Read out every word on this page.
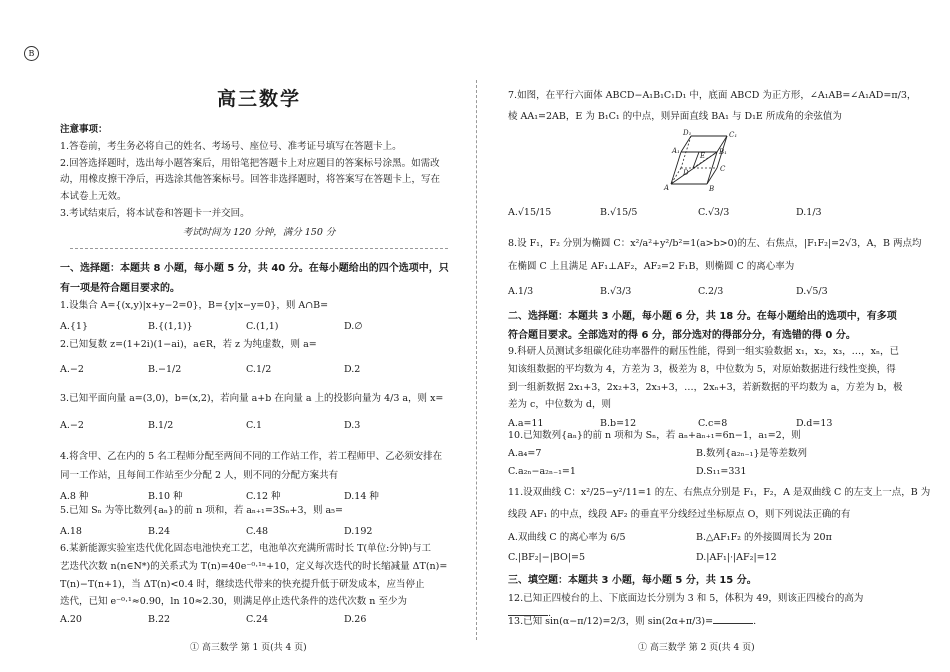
B
高三数学
注意事项：
1.答卷前，考生务必将自己的姓名、考场号、座位号、准考证号填写在答题卡上。
2.回答选择题时，选出每小题答案后，用铅笔把答题卡上对应题目的答案标号涂黑。如需改
动，用橡皮擦干净后，再选涂其他答案标号。回答非选择题时，将答案写在答题卡上，写在
本试卷上无效。
3.考试结束后，将本试卷和答题卡一并交回。
考试时间为 120 分钟，满分 150 分
一、选择题：本题共 8 小题，每小题 5 分，共 40 分。在每小题给出的四个选项中，只
有一项是符合题目要求的。
1.设集合 A={(x,y)|x+y−2=0}，B={y|x−y=0}，则 A∩B=
A.{1}	B.{(1,1)}	C.(1,1)	D.∅
2.已知复数 z=(1+2i)(1−ai)，a∈R，若 z 为纯虚数，则 a=
A.−2	B.−1/2	C.1/2	D.2
3.已知平面向量 a=(3,0)，b=(x,2)，若向量 a+b 在向量 a 上的投影向量为 4/3 a，则 x=
A.−2	B.1/2	C.1	D.3
4.将含甲、乙在内的 5 名工程师分配至两间不同的工作站工作，若工程师甲、乙必须安排在
同一工作站，且每间工作站至少分配 2 人，则不同的分配方案共有
A.8 种	B.10 种	C.12 种	D.14 种
5.已知 Sₙ 为等比数列{aₙ}的前 n 项和，若 aₙ₊₁=3Sₙ+3，则 a₅=
A.18	B.24	C.48	D.192
6.某新能源实验室迭代优化固态电池快充工艺，电池单次充满所需时长 T(单位:分钟)与工
艺迭代次数 n(n∈N*)的关系式为 T(n)=40e⁻⁰·¹ⁿ+10，定义每次迭代的时长缩减量 ΔT(n)=
T(n)−T(n+1)，当 ΔT(n)<0.4 时，继续迭代带来的快充提升低于研发成本，应当停止
迭代，已知 e⁻⁰·¹≈0.90，ln 10≈2.30，则满足停止迭代条件的迭代次数 n 至少为
A.20	B.22	C.24	D.26
① 高三数学 第 1 页(共 4 页)
7.如图，在平行六面体 ABCD−A₁B₁C₁D₁ 中，底面 ABCD 为正方形，∠A₁AB=∠A₁AD=π/3，
棱 AA₁=2AB，E 为 B₁C₁ 的中点，则异面直线 BA₁ 与 D₁E 所成角的余弦值为
D₁	C₁
A₁	B₁
E
D	C
A	B
A.√15/15	B.√15/5	C.√3/3	D.1/3
8.设 F₁，F₂ 分别为椭圆 C：x²/a²+y²/b²=1(a>b>0)的左、右焦点，|F₁F₂|=2√3，A，B 两点均
在椭圆 C 上且满足 AF₁⊥AF₂，AF₂=2 F₁B，则椭圆 C 的离心率为
A.1/3	B.√3/3	C.2/3	D.√5/3
二、选择题：本题共 3 小题，每小题 6 分，共 18 分。在每小题给出的选项中，有多项
符合题目要求。全部选对的得 6 分，部分选对的得部分分，有选错的得 0 分。
9.科研人员测试多组碳化硅功率器件的耐压性能，得到一组实验数据 x₁，x₂，x₃，…，xₙ，已
知该组数据的平均数为 4，方差为 3，极差为 8，中位数为 5，对原始数据进行线性变换，得
到一组新数据 2x₁+3，2x₂+3，2x₃+3，…，2xₙ+3，若新数据的平均数为 a，方差为 b，极
差为 c，中位数为 d，则
A.a=11	B.b=12	C.c=8	D.d=13
10.已知数列{aₙ}的前 n 项和为 Sₙ，若 aₙ+aₙ₊₁=6n−1，a₁=2，则
A.a₄=7	B.数列{a₂ₙ₋₁}是等差数列
C.a₂ₙ−a₂ₙ₋₁=1	D.S₁₁=331
11.设双曲线 C：x²/25−y²/11=1 的左、右焦点分别是 F₁，F₂，A 是双曲线 C 的左支上一点，B 为
线段 AF₁ 的中点，线段 AF₂ 的垂直平分线经过坐标原点 O，则下列说法正确的有
A.双曲线 C 的离心率为 6/5	B.△AF₁F₂ 的外接圆周长为 20π
C.|BF₂|−|BO|=5	D.|AF₁|·|AF₂|=12
三、填空题：本题共 3 小题，每小题 5 分，共 15 分。
12.已知正四棱台的上、下底面边长分别为 3 和 5，体积为 49，则该正四棱台的高为.
13.已知 sin(α−π/12)=2/3，则 sin(2α+π/3)=	.
① 高三数学 第 2 页(共 4 页)
